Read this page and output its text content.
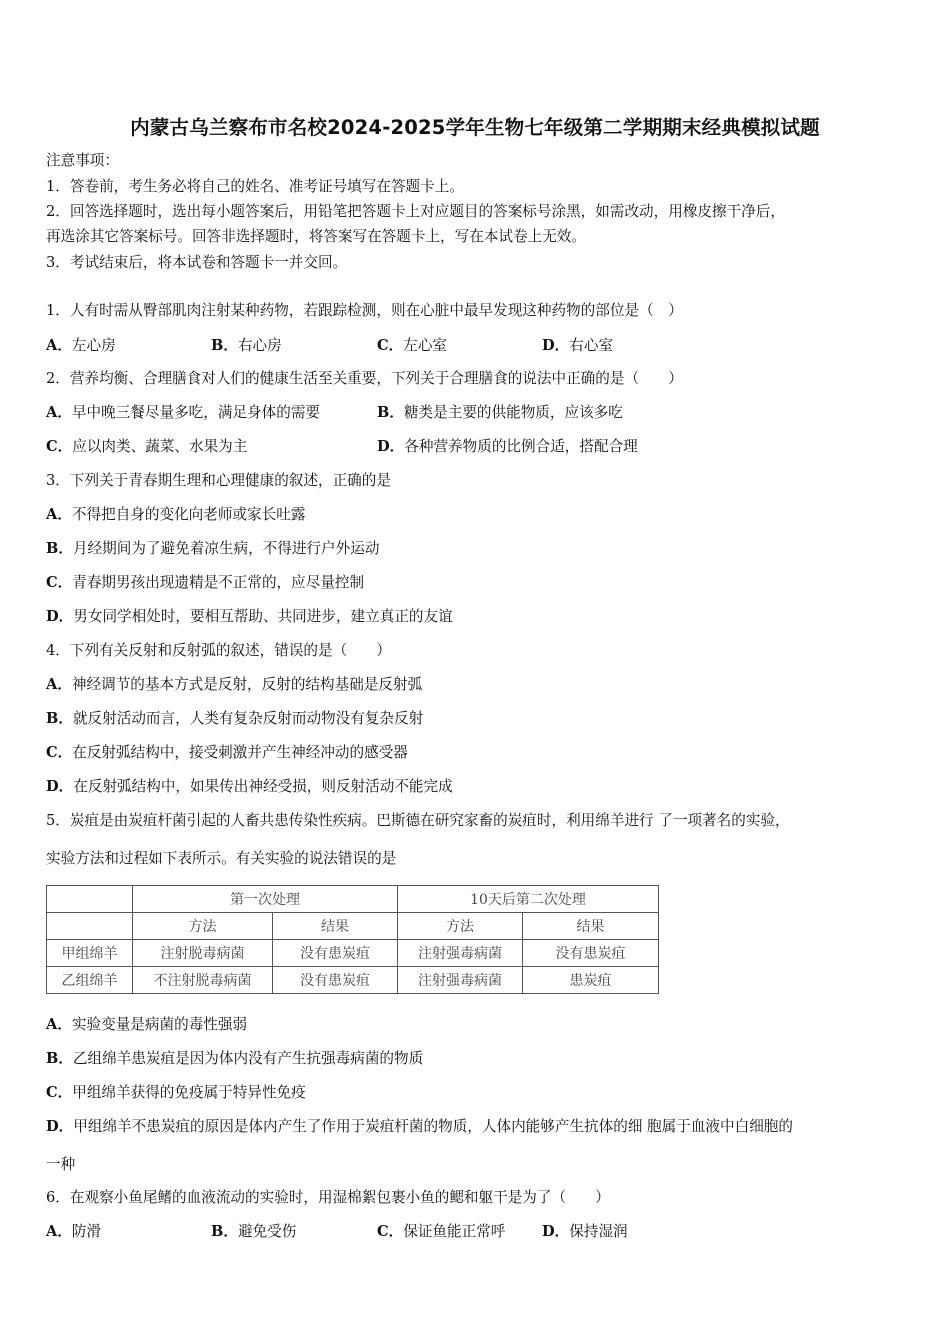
内蒙古乌兰察布市名校2024-2025学年生物七年级第二学期期末经典模拟试题
注意事项：
1．答卷前，考生务必将自己的姓名、准考证号填写在答题卡上。
2．回答选择题时，选出每小题答案后，用铅笔把答题卡上对应题目的答案标号涂黑，如需改动，用橡皮擦干净后，
再选涂其它答案标号。回答非选择题时，将答案写在答题卡上，写在本试卷上无效。
3．考试结束后，将本试卷和答题卡一并交回。
1．人有时需从臀部肌肉注射某种药物，若跟踪检测，则在心脏中最早发现这种药物的部位是（　）
A．左心房	B．右心房	C．左心室	D．右心室
2．营养均衡、合理膳食对人们的健康生活至关重要，下列关于合理膳食的说法中正确的是（　　）
A．早中晚三餐尽量多吃，满足身体的需要	B．糖类是主要的供能物质，应该多吃
C．应以肉类、蔬菜、水果为主	D．各种营养物质的比例合适，搭配合理
3．下列关于青春期生理和心理健康的叙述，正确的是
A．不得把自身的变化向老师或家长吐露
B．月经期间为了避免着凉生病，不得进行户外运动
C．青春期男孩出现遗精是不正常的，应尽量控制
D．男女同学相处时，要相互帮助、共同进步，建立真正的友谊
4．下列有关反射和反射弧的叙述，错误的是（　　）
A．神经调节的基本方式是反射，反射的结构基础是反射弧
B．就反射活动而言，人类有复杂反射而动物没有复杂反射
C．在反射弧结构中，接受刺激并产生神经冲动的感受器
D．在反射弧结构中，如果传出神经受损，则反射活动不能完成
5．炭疽是由炭疽杆菌引起的人畜共患传染性疾病。巴斯德在研究家畜的炭疽时，利用绵羊进行 了一项著名的实验，
实验方法和过程如下表所示。有关实验的说法错误的是
	第一次处理		10天后第二次处理	
	方法	结果	方法	结果
甲组绵羊	注射脱毒病菌	没有患炭疽	注射强毒病菌	没有患炭疽
乙组绵羊	不注射脱毒病菌	没有患炭疽	注射强毒病菌	患炭疽
A．实验变量是病菌的毒性强弱
B．乙组绵羊患炭疽是因为体内没有产生抗强毒病菌的物质
C．甲组绵羊获得的免疫属于特异性免疫
D．甲组绵羊不患炭疽的原因是体内产生了作用于炭疽杆菌的物质，人体内能够产生抗体的细 胞属于血液中白细胞的
一种
6．在观察小鱼尾鳍的血液流动的实验时，用湿棉絮包裹小鱼的鳃和躯干是为了（　　）
A．防滑	B．避免受伤	C．保证鱼能正常呼	D．保持湿润
